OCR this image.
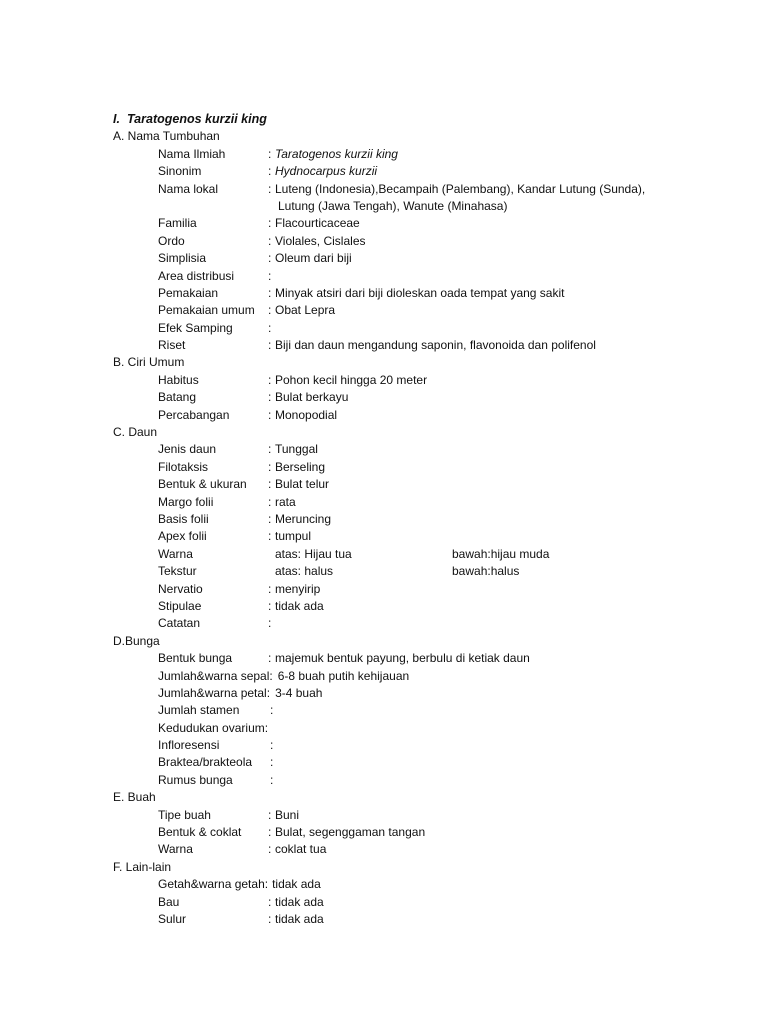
I. Taratogenos kurzii king
A. Nama Tumbuhan
Nama Ilmiah	: Taratogenos kurzii king
Sinonim	: Hydnocarpus kurzii
Nama lokal	: Luteng (Indonesia),Becampaih (Palembang), Kandar Lutung (Sunda),
Lutung (Jawa Tengah), Wanute (Minahasa)
Familia	: Flacourticaceae
Ordo	: Violales, Cislales
Simplisia	: Oleum dari biji
Area distribusi	:
Pemakaian	: Minyak atsiri dari biji dioleskan oada tempat yang sakit
Pemakaian umum : Obat Lepra
Efek Samping	:
Riset	: Biji dan daun mengandung saponin, flavonoida dan polifenol
B. Ciri Umum
Habitus	: Pohon kecil hingga 20 meter
Batang	: Bulat berkayu
Percabangan	: Monopodial
C. Daun
Jenis daun	: Tunggal
Filotaksis	: Berseling
Bentuk & ukuran : Bulat telur
Margo folii	: rata
Basis folii	: Meruncing
Apex folii	: tumpul
Warna	atas: Hijau tua	bawah:hijau muda
Tekstur	atas: halus	bawah:halus
Nervatio	: menyirip
Stipulae	: tidak ada
Catatan	:
D.Bunga
Bentuk bunga	: majemuk bentuk payung, berbulu di ketiak daun
Jumlah&warna sepal: 6-8 buah putih kehijauan
Jumlah&warna petal: 3-4 buah
Jumlah stamen	:
Kedudukan ovarium:
Infloresensi	:
Braktea/brakteola :
Rumus bunga	:
E. Buah
Tipe buah	: Buni
Bentuk & coklat : Bulat, segenggaman tangan
Warna	: coklat tua
F. Lain-lain
Getah&warna getah: tidak ada
Bau	: tidak ada
Sulur	: tidak ada
